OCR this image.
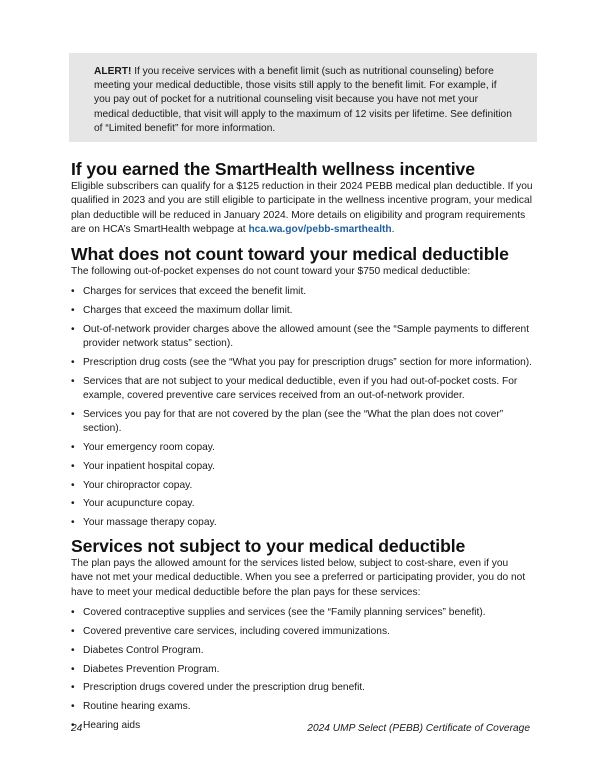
ALERT! If you receive services with a benefit limit (such as nutritional counseling) before meeting your medical deductible, those visits still apply to the benefit limit. For example, if you pay out of pocket for a nutritional counseling visit because you have not met your medical deductible, that visit will apply to the maximum of 12 visits per lifetime. See definition of “Limited benefit” for more information.
If you earned the SmartHealth wellness incentive

Eligible subscribers can qualify for a $125 reduction in their 2024 PEBB medical plan deductible. If you qualified in 2023 and you are still eligible to participate in the wellness incentive program, your medical plan deductible will be reduced in January 2024. More details on eligibility and program requirements are on HCA’s SmartHealth webpage at hca.wa.gov/pebb-smarthealth.

What does not count toward your medical deductible

The following out-of-pocket expenses do not count toward your $750 medical deductible:

• Charges for services that exceed the benefit limit.
• Charges that exceed the maximum dollar limit.
• Out-of-network provider charges above the allowed amount (see the “Sample payments to different provider network status” section).
• Prescription drug costs (see the “What you pay for prescription drugs” section for more information).
• Services that are not subject to your medical deductible, even if you had out-of-pocket costs. For example, covered preventive care services received from an out-of-network provider.
• Services you pay for that are not covered by the plan (see the “What the plan does not cover” section).
• Your emergency room copay.
• Your inpatient hospital copay.
• Your chiropractor copay.
• Your acupuncture copay.
• Your massage therapy copay.
Services not subject to your medical deductible

The plan pays the allowed amount for the services listed below, subject to cost-share, even if you have not met your medical deductible. When you see a preferred or participating provider, you do not have to meet your medical deductible before the plan pays for these services:

• Covered contraceptive supplies and services (see the “Family planning services” benefit).
• Covered preventive care services, including covered immunizations.
• Diabetes Control Program.
• Diabetes Prevention Program.
• Prescription drugs covered under the prescription drug benefit.
• Routine hearing exams.
• Hearing aids
24	2024 UMP Select (PEBB) Certificate of Coverage
